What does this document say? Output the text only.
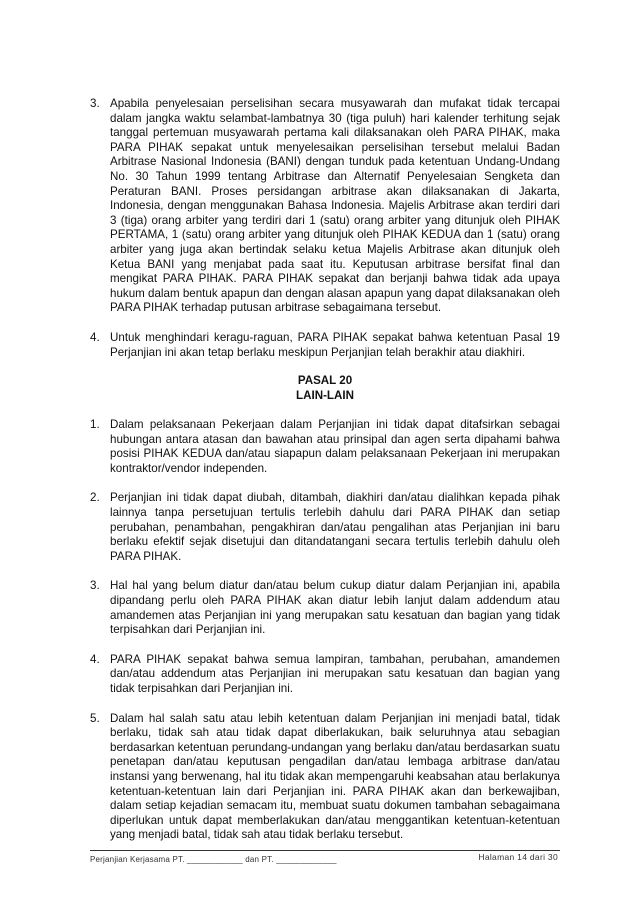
3. Apabila penyelesaian perselisihan secara musyawarah dan mufakat tidak tercapai dalam jangka waktu selambat-lambatnya 30 (tiga puluh) hari kalender terhitung sejak tanggal pertemuan musyawarah pertama kali dilaksanakan oleh PARA PIHAK, maka PARA PIHAK sepakat untuk menyelesaikan perselisihan tersebut melalui Badan Arbitrase Nasional Indonesia (BANI) dengan tunduk pada ketentuan Undang-Undang No. 30 Tahun 1999 tentang Arbitrase dan Alternatif Penyelesaian Sengketa dan Peraturan BANI. Proses persidangan arbitrase akan dilaksanakan di Jakarta, Indonesia, dengan menggunakan Bahasa Indonesia. Majelis Arbitrase akan terdiri dari 3 (tiga) orang arbiter yang terdiri dari 1 (satu) orang arbiter yang ditunjuk oleh PIHAK PERTAMA, 1 (satu) orang arbiter yang ditunjuk oleh PIHAK KEDUA dan 1 (satu) orang arbiter yang juga akan bertindak selaku ketua Majelis Arbitrase akan ditunjuk oleh Ketua BANI yang menjabat pada saat itu. Keputusan arbitrase bersifat final dan mengikat PARA PIHAK. PARA PIHAK sepakat dan berjanji bahwa tidak ada upaya hukum dalam bentuk apapun dan dengan alasan apapun yang dapat dilaksanakan oleh PARA PIHAK terhadap putusan arbitrase sebagaimana tersebut.
4. Untuk menghindari keragu-raguan, PARA PIHAK sepakat bahwa ketentuan Pasal 19 Perjanjian ini akan tetap berlaku meskipun Perjanjian telah berakhir atau diakhiri.

PASAL 20

LAIN-LAIN

1. Dalam pelaksanaan Pekerjaan dalam Perjanjian ini tidak dapat ditafsirkan sebagai hubungan antara atasan dan bawahan atau prinsipal dan agen serta dipahami bahwa posisi PIHAK KEDUA dan/atau siapapun dalam pelaksanaan Pekerjaan ini merupakan kontraktor/vendor independen.
2. Perjanjian ini tidak dapat diubah, ditambah, diakhiri dan/atau dialihkan kepada pihak lainnya tanpa persetujuan tertulis terlebih dahulu dari PARA PIHAK dan setiap perubahan, penambahan, pengakhiran dan/atau pengalihan atas Perjanjian ini baru berlaku efektif sejak disetujui dan ditandatangani secara tertulis terlebih dahulu oleh PARA PIHAK.
3. Hal hal yang belum diatur dan/atau belum cukup diatur dalam Perjanjian ini, apabila dipandang perlu oleh PARA PIHAK akan diatur lebih lanjut dalam addendum atau amandemen atas Perjanjian ini yang merupakan satu kesatuan dan bagian yang tidak terpisahkan dari Perjanjian ini.
4. PARA PIHAK sepakat bahwa semua lampiran, tambahan, perubahan, amandemen dan/atau addendum atas Perjanjian ini merupakan satu kesatuan dan bagian yang tidak terpisahkan dari Perjanjian ini.
5. Dalam hal salah satu atau lebih ketentuan dalam Perjanjian ini menjadi batal, tidak berlaku, tidak sah atau tidak dapat diberlakukan, baik seluruhnya atau sebagian berdasarkan ketentuan perundang-undangan yang berlaku dan/atau berdasarkan suatu penetapan dan/atau keputusan pengadilan dan/atau lembaga arbitrase dan/atau instansi yang berwenang, hal itu tidak akan mempengaruhi keabsahan atau berlakunya ketentuan-ketentuan lain dari Perjanjian ini. PARA PIHAK akan dan berkewajiban, dalam setiap kejadian semacam itu, membuat suatu dokumen tambahan sebagaimana diperlukan untuk dapat memberlakukan dan/atau menggantikan ketentuan-ketentuan yang menjadi batal, tidak sah atau tidak berlaku tersebut.
Perjanjian Kerjasama PT. ____________ dan PT. _____________	Halaman 14 dari 30
